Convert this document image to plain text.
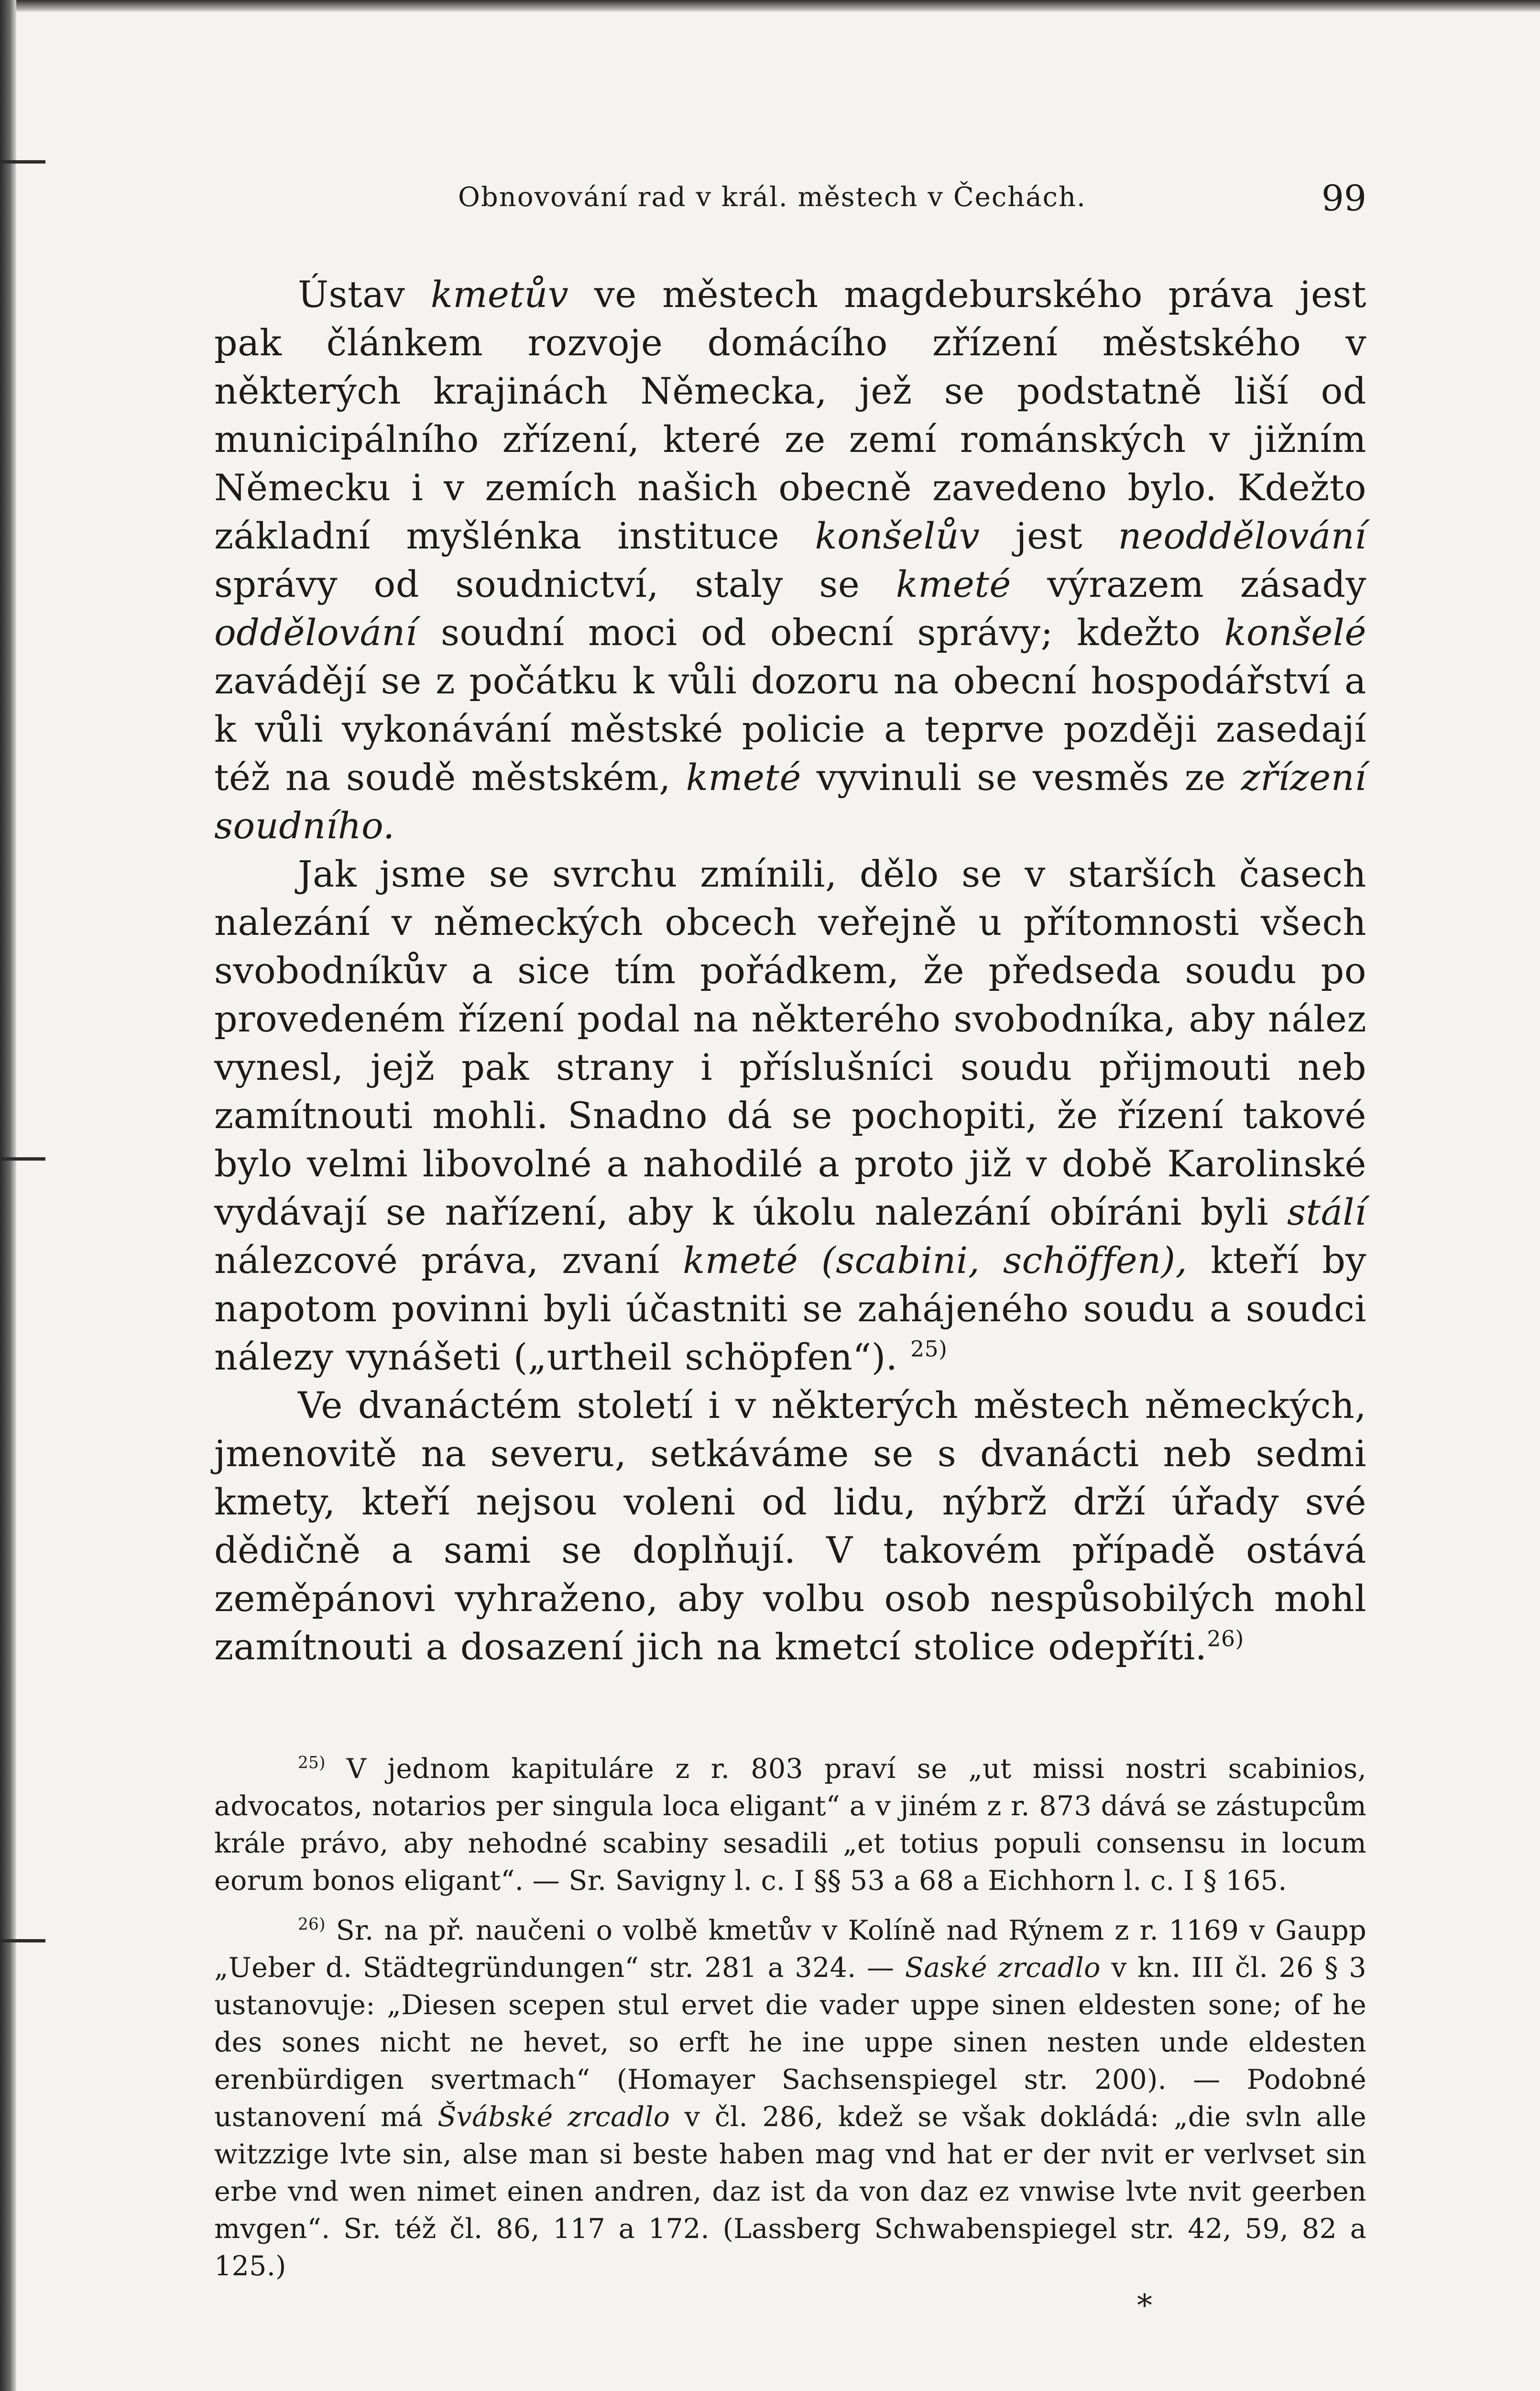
Obnovování rad v král. městech v Čechách.	99

Ústav kmetův ve městech magdeburského práva jest pak článkem rozvoje domácího zřízení městského v některých krajinách Německa, jež se podstatně liší od municipálního zřízení, které ze zemí románských v jižním Německu i v zemích našich obecně zavedeno bylo. Kdežto základní myšlénka instituce konšelův jest neoddělování správy od soudnictví, staly se kmeté výrazem zásady oddělování soudní moci od obecní správy; kdežto konšelé zavádějí se z počátku k vůli dozoru na obecní hospodářství a k vůli vykonávání městské policie a teprve později zasedají též na soudě městském, kmeté vyvinuli se vesměs ze zřízení soudního.

Jak jsme se svrchu zmínili, dělo se v starších časech nalezání v německých obcech veřejně u přítomnosti všech svobodníkův a sice tím pořádkem, že předseda soudu po provedeném řízení podal na některého svobodníka, aby nález vynesl, jejž pak strany i příslušníci soudu přijmouti neb zamítnouti mohli. Snadno dá se pochopiti, že řízení takové bylo velmi libovolné a nahodilé a proto již v době Karolinské vydávají se nařízení, aby k úkolu nalezání obíráni byli stálí nálezcové práva, zvaní kmeté (scabini, schöffen), kteří by napotom povinni byli účastniti se zahájeného soudu a soudci nálezy vynášeti („urtheil schöpfen“). $^{25)}$

Ve dvanáctém století i v některých městech německých, jmenovitě na severu, setkáváme se s dvanácti neb sedmi kmety, kteří nejsou voleni od lidu, nýbrž drží úřady své dědičně a sami se doplňují. V takovém případě ostává zeměpánovi vyhraženo, aby volbu osob nespůsobilých mohl zamítnouti a dosazení jich na kmetcí stolice odepříti.$^{26)}$

$^{25)}$ V jednom kapituláre z r. 803 praví se „ut missi nostri scabinios, advocatos, notarios per singula loca eligant“ a v jiném z r. 873 dává se zástupcům krále právo, aby nehodné scabiny sesadili „et totius populi consensu in locum eorum bonos eligant“. — Sr. Savigny l. c. I §§ 53 a 68 a Eichhorn l. c. I § 165.

$^{26)}$ Sr. na př. naučeni o volbě kmetův v Kolíně nad Rýnem z r. 1169 v Gaupp „Ueber d. Städtegründungen“ str. 281 a 324. — Saské zrcadlo v kn. III čl. 26 § 3 ustanovuje: „Diesen scepen stul ervet die vader uppe sinen eldesten sone; of he des sones nicht ne hevet, so erft he ine uppe sinen nesten unde eldesten erenbürdigen svertmach“ (Homayer Sachsenspiegel str. 200). — Podobné ustanovení má Švábské zrcadlo v čl. 286, kdež se však dokládá: „die svln alle witzzige lvte sin, alse man si beste haben mag vnd hat er der nvit er verlvset sin erbe vnd wen nimet einen andren, daz ist da von daz ez vnwise lvte nvit geerben mvgen“. Sr. též čl. 86, 117 a 172. (Lassberg Schwabenspiegel str. 42, 59, 82 a 125.)

*
